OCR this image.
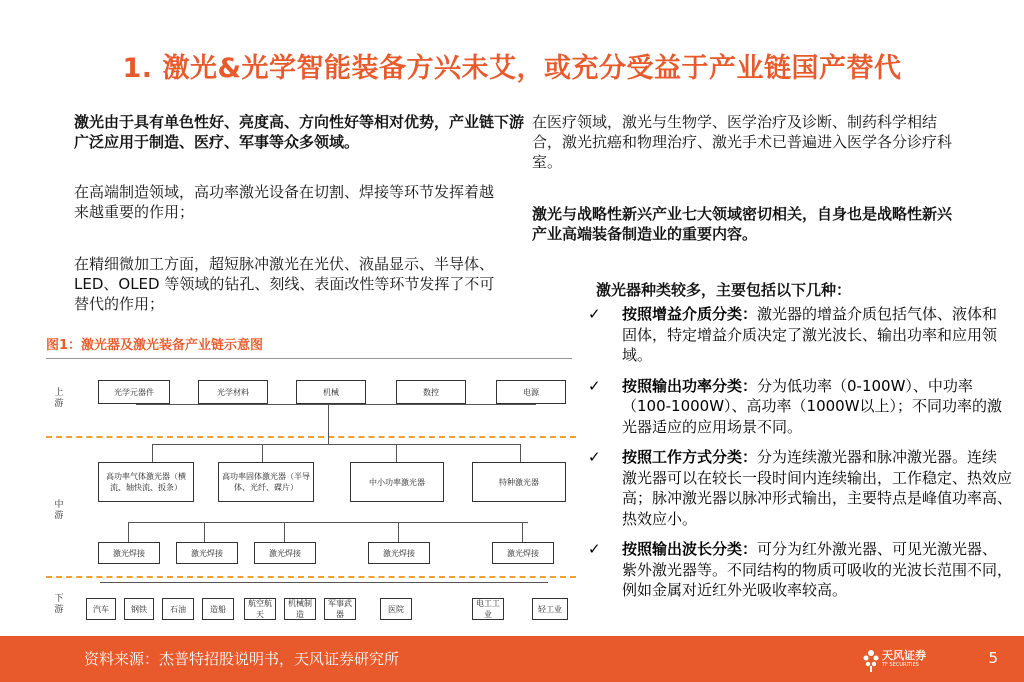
1. 激光&光学智能装备方兴未艾，或充分受益于产业链国产替代
激光由于具有单色性好、亮度高、方向性好等相对优势，产业链下游广泛应用于制造、医疗、军事等众多领域。
在高端制造领域，高功率激光设备在切割、焊接等环节发挥着越来越重要的作用；
在精细微加工方面，超短脉冲激光在光伏、液晶显示、半导体、LED、OLED 等领域的钻孔、刻线、表面改性等环节发挥了不可替代的作用；
在医疗领域，激光与生物学、医学治疗及诊断、制药科学相结合，激光抗癌和物理治疗、激光手术已普遍进入医学各分诊疗科室。
激光与战略性新兴产业七大领域密切相关，自身也是战略性新兴产业高端装备制造业的重要内容。
激光器种类较多，主要包括以下几种：
✓ 按照增益介质分类：激光器的增益介质包括气体、液体和固体，特定增益介质决定了激光波长、输出功率和应用领域。
✓ 按照输出功率分类：分为低功率（0-100W）、中功率（100-1000W）、高功率（1000W以上）；不同功率的激光器适应的应用场景不同。
✓ 按照工作方式分类：分为连续激光器和脉冲激光器。连续激光器可以在较长一段时间内连续输出，工作稳定、热效应高；脉冲激光器以脉冲形式输出，主要特点是峰值功率高、热效应小。
✓ 按照输出波长分类：可分为红外激光器、可见光激光器、紫外激光器等。不同结构的物质可吸收的光波长范围不同，例如金属对近红外光吸收率较高。
图1：激光器及激光装备产业链示意图
上游
中游
下游
光学元器件	光学材料	机械	数控	电源
高功率气体激光器（横流、轴快流、扳条）
高功率固体激光器（半导体、光纤、碟片）
中小功率激光器	特种激光器
激光焊接	激光焊接	激光焊接	激光焊接	激光焊接
汽车	钢铁	石油	造船
航空航天
机械制造
军事武器
医院
电工工业
轻工业
资料来源：杰普特招股说明书，天风证券研究所	天风证券
TF SECURITIES	5
